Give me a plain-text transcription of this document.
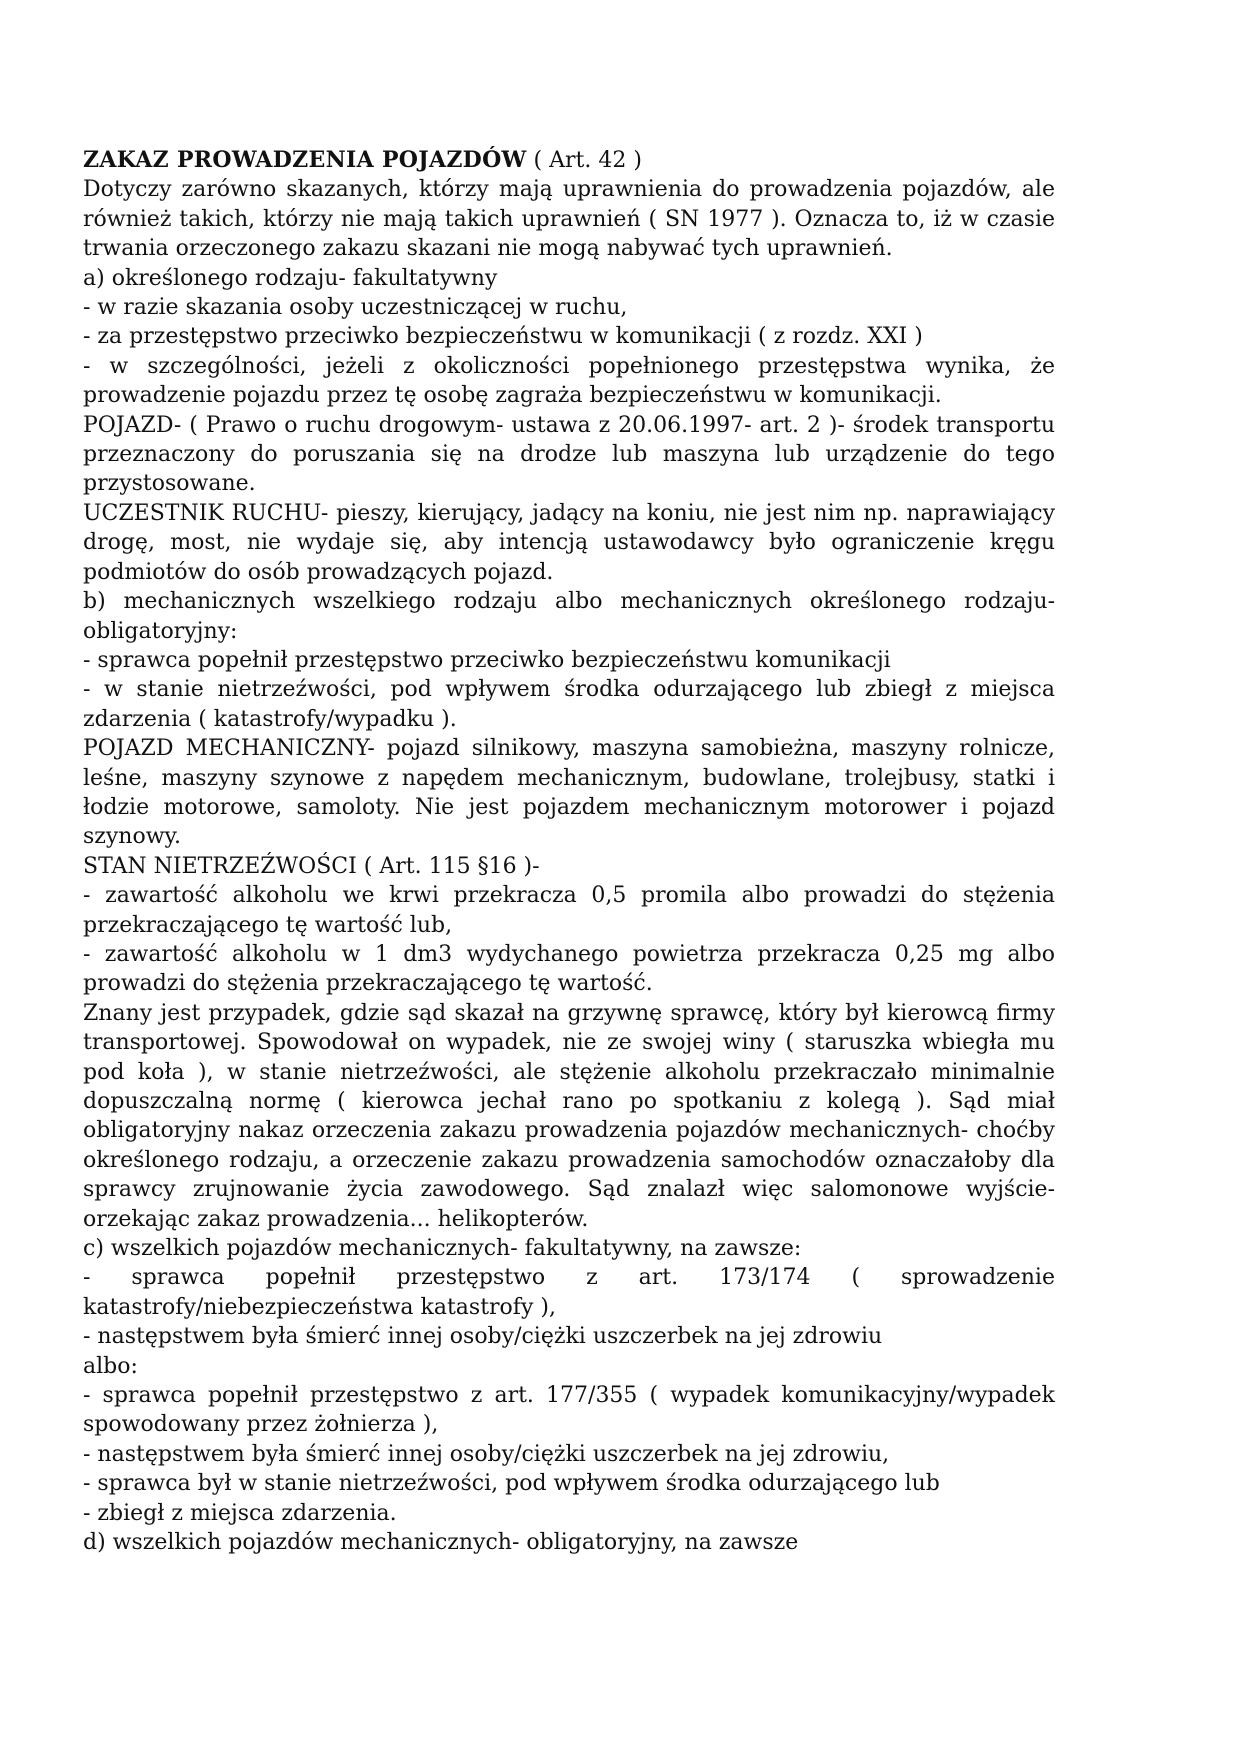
ZAKAZ PROWADZENIA POJAZDÓW ( Art. 42 )

Dotyczy zarówno skazanych, którzy mają uprawnienia do prowadzenia pojazdów, ale również takich, którzy nie mają takich uprawnień ( SN 1977 ). Oznacza to, iż w czasie trwania orzeczonego zakazu skazani nie mogą nabywać tych uprawnień.

a) określonego rodzaju- fakultatywny

- w razie skazania osoby uczestniczącej w ruchu,

- za przestępstwo przeciwko bezpieczeństwu w komunikacji ( z rozdz. XXI )

- w szczególności, jeżeli z okoliczności popełnionego przestępstwa wynika, że prowadzenie pojazdu przez tę osobę zagraża bezpieczeństwu w komunikacji.

POJAZD- ( Prawo o ruchu drogowym- ustawa z 20.06.1997- art. 2 )- środek transportu przeznaczony do poruszania się na drodze lub maszyna lub urządzenie do tego przystosowane.

UCZESTNIK RUCHU- pieszy, kierujący, jadący na koniu, nie jest nim np. naprawiający drogę, most, nie wydaje się, aby intencją ustawodawcy było ograniczenie kręgu podmiotów do osób prowadzących pojazd.

b) mechanicznych wszelkiego rodzaju albo mechanicznych określonego rodzaju- obligatoryjny:

- sprawca popełnił przestępstwo przeciwko bezpieczeństwu komunikacji

- w stanie nietrzeźwości, pod wpływem środka odurzającego lub zbiegł z miejsca zdarzenia ( katastrofy/wypadku ).

POJAZD MECHANICZNY- pojazd silnikowy, maszyna samobieżna, maszyny rolnicze, leśne, maszyny szynowe z napędem mechanicznym, budowlane, trolejbusy, statki i łodzie motorowe, samoloty. Nie jest pojazdem mechanicznym motorower i pojazd szynowy.

STAN NIETRZEŹWOŚCI ( Art. 115 §16 )-

- zawartość alkoholu we krwi przekracza 0,5 promila albo prowadzi do stężenia przekraczającego tę wartość lub,

- zawartość alkoholu w 1 dm3 wydychanego powietrza przekracza 0,25 mg albo prowadzi do stężenia przekraczającego tę wartość.

Znany jest przypadek, gdzie sąd skazał na grzywnę sprawcę, który był kierowcą firmy transportowej. Spowodował on wypadek, nie ze swojej winy ( staruszka wbiegła mu pod koła ), w stanie nietrzeźwości, ale stężenie alkoholu przekraczało minimalnie dopuszczalną normę ( kierowca jechał rano po spotkaniu z kolegą ). Sąd miał obligatoryjny nakaz orzeczenia zakazu prowadzenia pojazdów mechanicznych- choćby określonego rodzaju, a orzeczenie zakazu prowadzenia samochodów oznaczałoby dla sprawcy zrujnowanie życia zawodowego. Sąd znalazł więc salomonowe wyjście- orzekając zakaz prowadzenia... helikopterów.

c) wszelkich pojazdów mechanicznych- fakultatywny, na zawsze:

- sprawca popełnił przestępstwo z art. 173/174 ( sprowadzenie katastrofy/niebezpieczeństwa katastrofy ),

- następstwem była śmierć innej osoby/ciężki uszczerbek na jej zdrowiu

albo:

- sprawca popełnił przestępstwo z art. 177/355 ( wypadek komunikacyjny/wypadek spowodowany przez żołnierza ),

- następstwem była śmierć innej osoby/ciężki uszczerbek na jej zdrowiu,

- sprawca był w stanie nietrzeźwości, pod wpływem środka odurzającego lub

- zbiegł z miejsca zdarzenia.

d) wszelkich pojazdów mechanicznych- obligatoryjny, na zawsze
